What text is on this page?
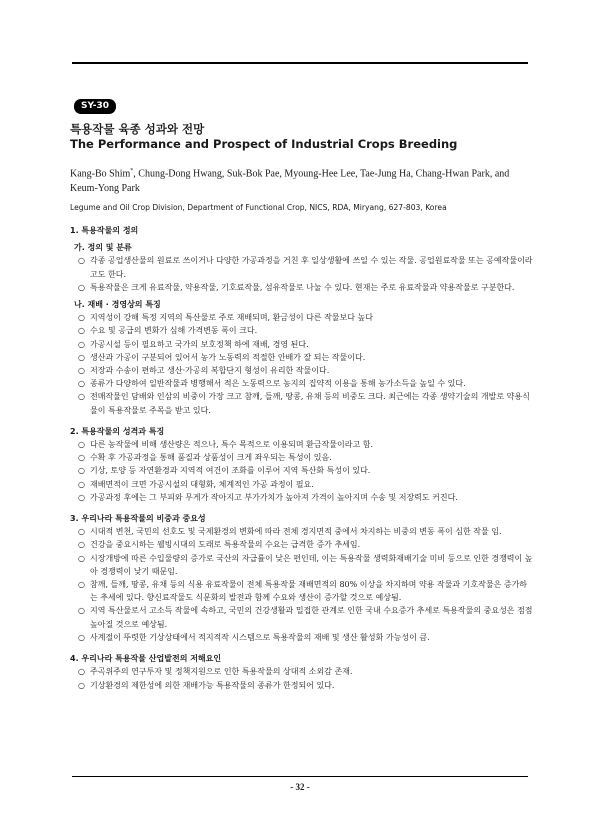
SY-30
특용작물 육종 성과와 전망
The Performance and Prospect of Industrial Crops Breeding
Kang-Bo Shim*, Chung-Dong Hwang, Suk-Bok Pae, Myoung-Hee Lee, Tae-Jung Ha, Chang-Hwan Park, and
Keum-Yong Park
Legume and Oil Crop Division, Department of Functional Crop, NICS, RDA, Miryang, 627-803, Korea
1. 특용작물의 정의
가. 정의 및 분류
○ 각종 공업생산물의 원료로 쓰이거나 다양한 가공과정을 거친 후 일상생활에 쓰일 수 있는 작물. 공업원료작물 또는 공예작물이라고도 한다.
○ 특용작물은 크게 유료작물, 약용작물, 기호료작물, 섬유작물로 나눌 수 있다. 현재는 주로 유료작물과 약용작물로 구분한다.
나. 재배 · 경영상의 특징
○ 지역성이 강해 특정 지역의 특산물로 주로 재배되며, 환금성이 다른 작물보다 높다
○ 수요 및 공급의 변화가 심해 가격변동 폭이 크다.
○ 가공시설 등이 필요하고 국가의 보호정책 하에 재배, 경영 된다.
○ 생산과 가공이 구분되어 있어서 농가 노동력의 적절한 안배가 잘 되는 작물이다.
○ 저장과 수송이 편하고 생산·가공의 복합단지 형성이 유리한 작물이다.
○ 종류가 다양하여 일반작물과 병행해서 적은 노동력으로 농지의 집약적 이용을 통해 농가소득을 높일 수 있다.
○ 전매작물인 담배와 인삼의 비중이 가장 크고 참깨, 들깨, 땅콩, 유채 등의 비중도 크다. 최근에는 각종 생약기술의 개발로 약용식물이 특용작물로 주목을 받고 있다.
2. 특용작물의 성격과 특징
○ 다른 농작물에 비해 생산량은 적으나, 특수 목적으로 이용되며 환금작물이라고 함.
○ 수확 후 가공과정을 통해 품질과 상품성이 크게 좌우되는 특성이 있음.
○ 기상, 토양 등 자연환경과 지역적 여건이 조화를 이루어 지역 특산화 특성이 있다.
○ 재배면적이 크면 가공시설의 대형화, 체계적인 가공 과정이 필요.
○ 가공과정 후에는 그 부피와 무게가 작아지고 부가가치가 높아져 가격이 높아지며 수송 및 저장력도 커진다.
3. 우리나라 특용작물의 비중과 중요성
○ 시대적 변천, 국민의 선호도 및 국제환경의 변화에 따라 전체 경지면적 중에서 차지하는 비중의 변동 폭이 심한 작물 임.
○ 건강을 중요시하는 웰빙시대의 도래로 특용작물의 수요는 급격한 증가 추세임.
○ 시장개방에 따른 수입물량의 증가로 국산의 자급률이 낮은 편인데, 이는 특용작물 생력화재배기술 미비 등으로 인한 경쟁력이 높아 경쟁력이 낮기 때문임.
○ 참깨, 들깨, 땅콩, 유채 등의 식용 유료작물이 전체 특용작물 재배면적의 80% 이상을 차지하며 약용 작물과 기호작물은 증가하는 추세에 있다. 향신료작물도 식문화의 발전과 함께 수요와 생산이 증가할 것으로 예상됨.
○ 지역 특산물로서 고소득 작물에 속하고, 국민의 건강생활과 밀접한 관계로 인한 국내 수요증가 추세로 특용작물의 중요성은 점점 높아질 것으로 예상됨.
○ 사계절이 뚜렷한 기상상태에서 적지적작 시스템으로 특용작물의 재배 및 생산 활성화 가능성이 큼.
4. 우리나라 특용작물 산업발전의 저해요인
○ 주곡위주의 연구투자 및 정책지원으로 인한 특용작물의 상대적 소외감 존재.
○ 기상환경의 제한성에 의한 재배가능 특용작물의 종류가 한정되어 있다.
- 32 -
